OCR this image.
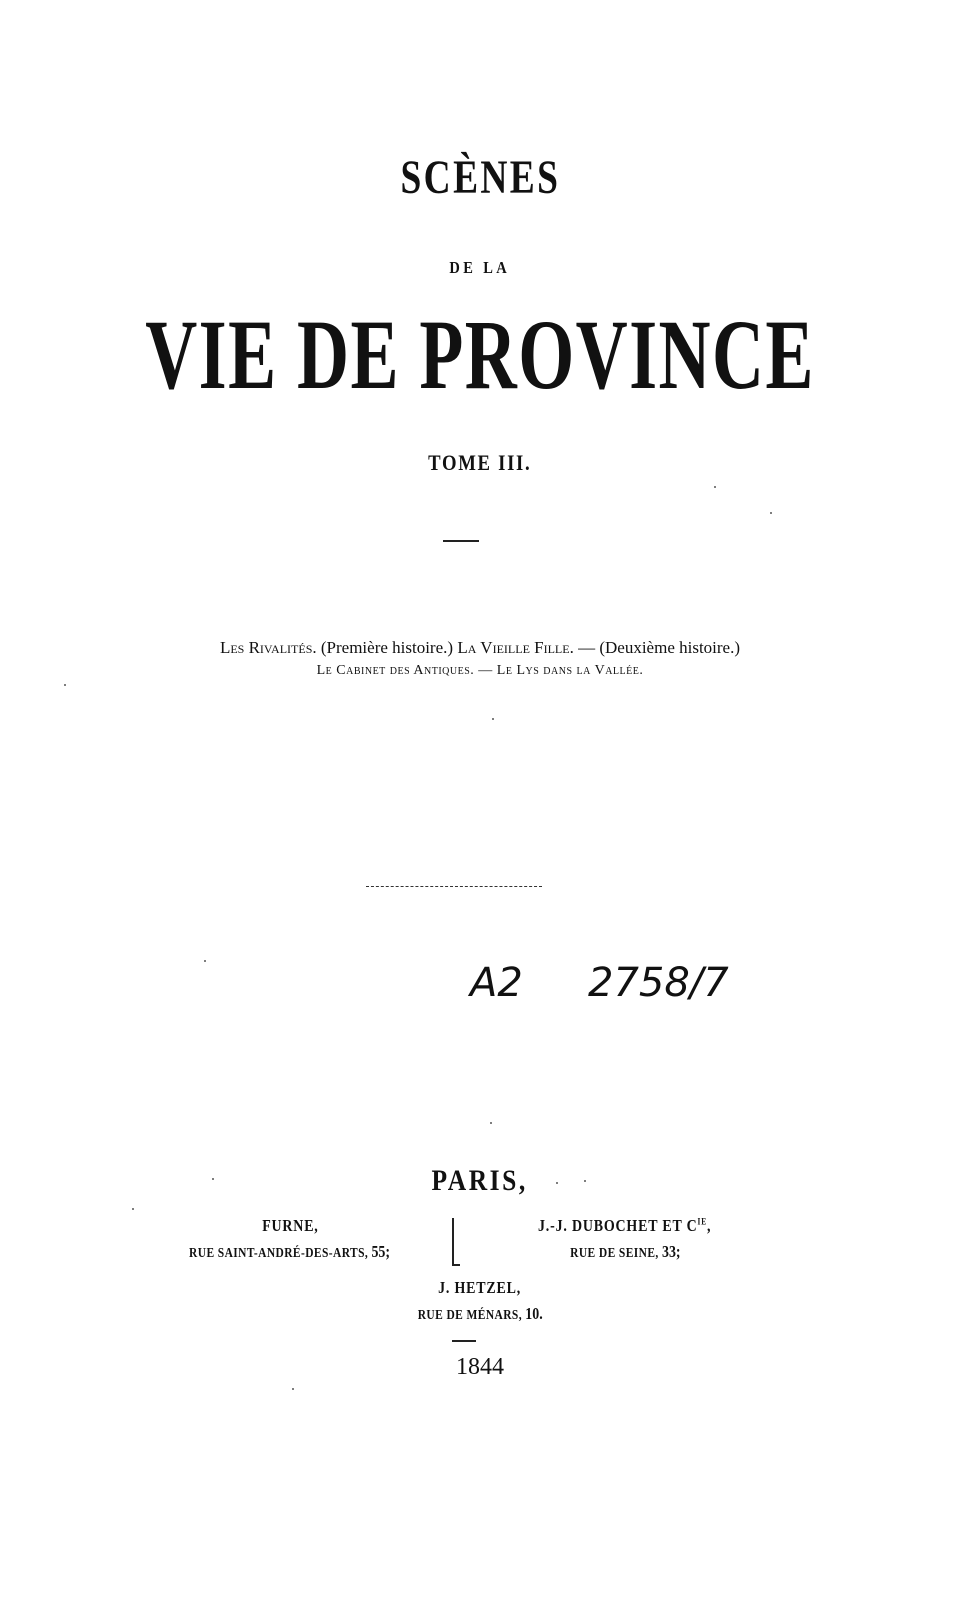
SCÈNES
DE LA
VIE DE PROVINCE
TOME III.
Les Rivalités. (Première histoire.) La Vieille Fille. — (Deuxième histoire.)
Le Cabinet des Antiques. — Le Lys dans la Vallée.
A2 2758/7
PARIS,
FURNE,
RUE SAINT-ANDRÉ-DES-ARTS, 55;
J.-J. DUBOCHET ET $C^{IE}$,
RUE DE SEINE, 33;
J. HETZEL,
RUE DE MÉNARS, 10.
1844
